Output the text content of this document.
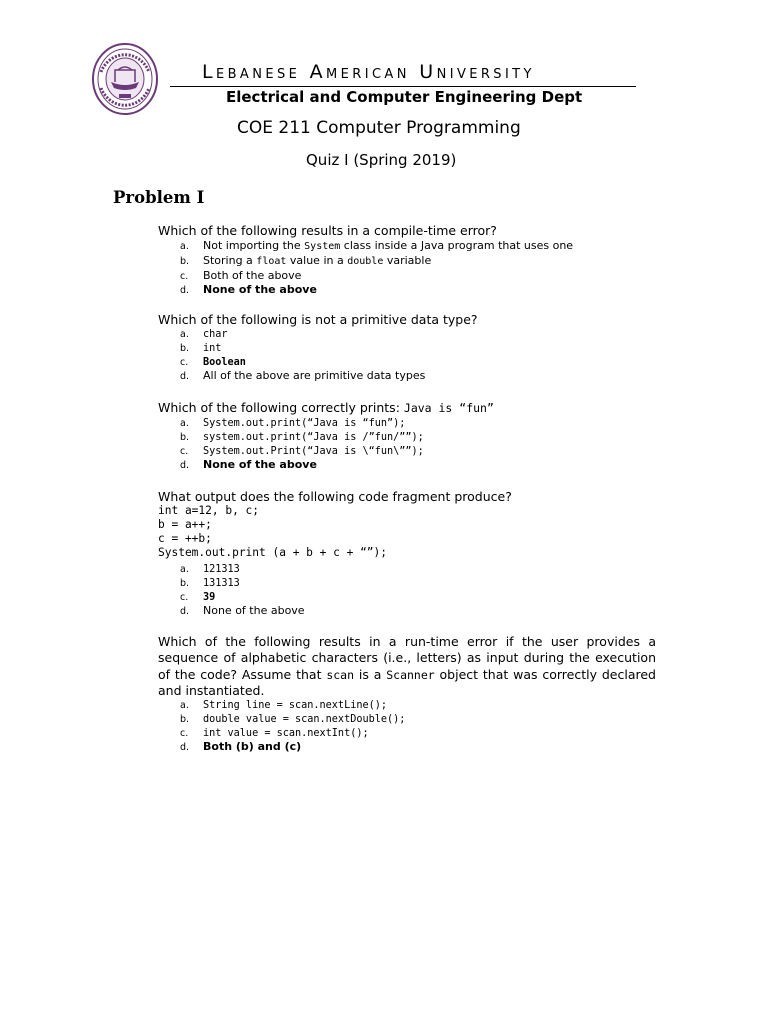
Lebanese American University
Electrical and Computer Engineering Dept
COE 211 Computer Programming
Quiz I (Spring 2019)
Problem I
Which of the following results in a compile-time error?
a. Not importing the System class inside a Java program that uses one
b. Storing a float value in a double variable
c. Both of the above
d. None of the above
Which of the following is not a primitive data type?
a. char
b. int
c. Boolean
d. All of the above are primitive data types
Which of the following correctly prints: Java is “fun”
a. System.out.print(“Java is “fun”);
b. system.out.print(“Java is /”fun/””);
c. System.out.Print(“Java is \“fun\””);
d. None of the above
What output does the following code fragment produce?
int a=12, b, c;
b = a++;
c = ++b;
System.out.print (a + b + c + “”);
a. 121313
b. 131313
c. 39
d. None of the above
Which of the following results in a run-time error if the user provides a sequence of alphabetic characters (i.e., letters) as input during the execution of the code? Assume that scan is a Scanner object that was correctly declared and instantiated.
a. String line = scan.nextLine();
b. double value = scan.nextDouble();
c. int value = scan.nextInt();
d. Both (b) and (c)
